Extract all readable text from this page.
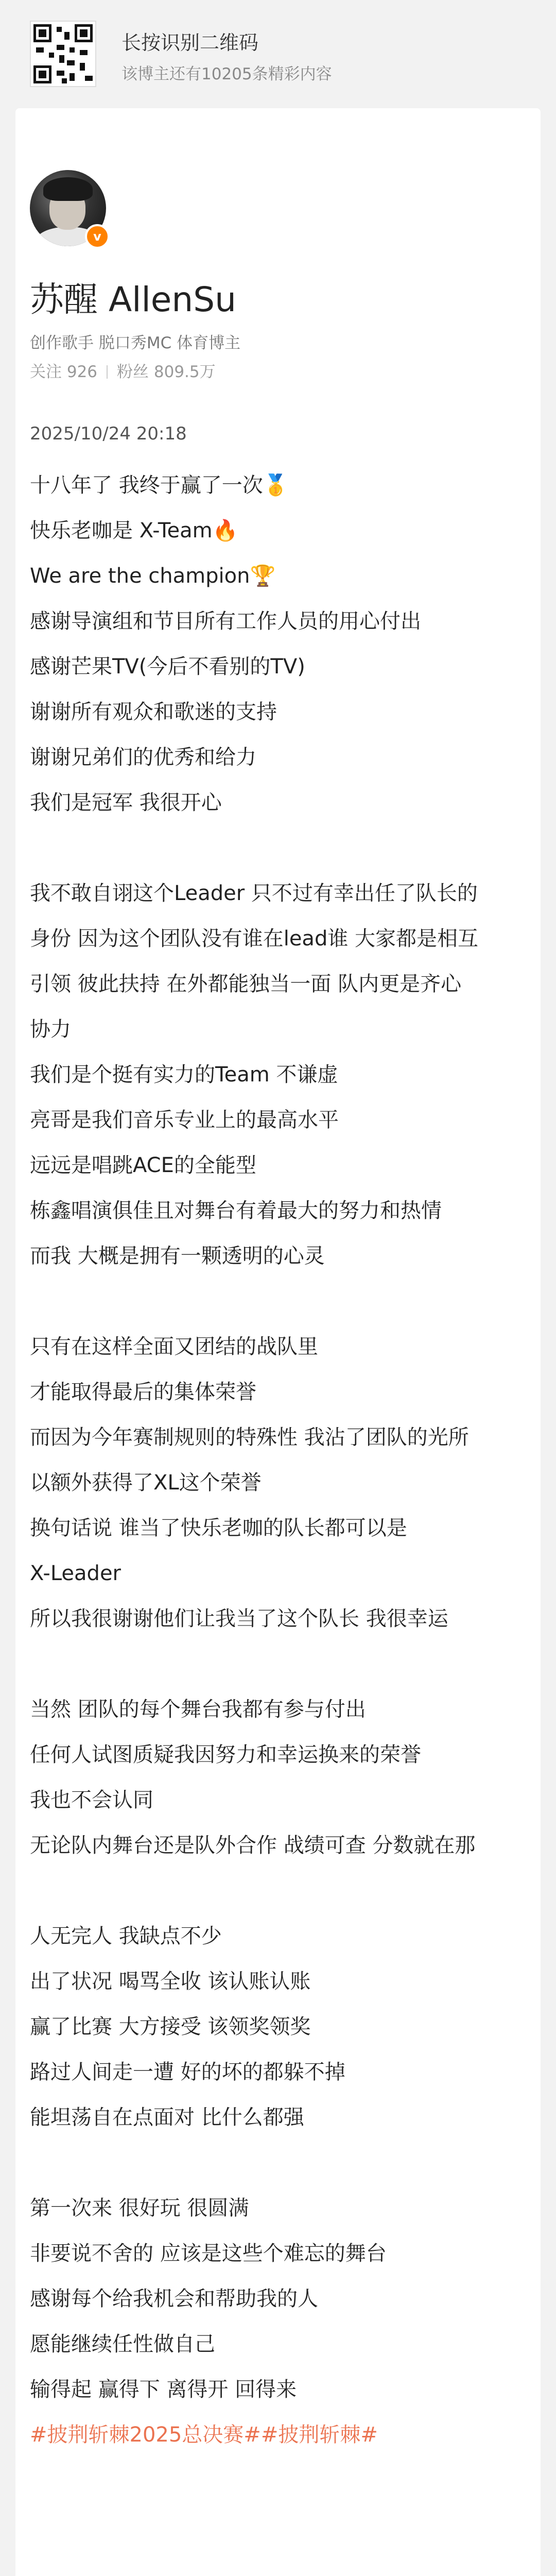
长按识别二维码
该博主还有10205条精彩内容
v
苏醒 AllenSu
创作歌手 脱口秀MC 体育博主
关注 926 粉丝 809.5万
2025/10/24 20:18
十八年了 我终于赢了一次🥇
快乐老咖是 X-Team🔥
We are the champion🏆
感谢导演组和节目所有工作人员的用心付出
感谢芒果TV(今后不看别的TV)
谢谢所有观众和歌迷的支持
谢谢兄弟们的优秀和给力
我们是冠军 我很开心
我不敢自诩这个Leader 只不过有幸出任了队长的
身份 因为这个团队没有谁在lead谁 大家都是相互
引领 彼此扶持 在外都能独当一面 队内更是齐心
协力
我们是个挺有实力的Team 不谦虚
亮哥是我们音乐专业上的最高水平
远远是唱跳ACE的全能型
栋鑫唱演俱佳且对舞台有着最大的努力和热情
而我 大概是拥有一颗透明的心灵
只有在这样全面又团结的战队里
才能取得最后的集体荣誉
而因为今年赛制规则的特殊性 我沾了团队的光所
以额外获得了XL这个荣誉
换句话说 谁当了快乐老咖的队长都可以是
X-Leader
所以我很谢谢他们让我当了这个队长 我很幸运
当然 团队的每个舞台我都有参与付出
任何人试图质疑我因努力和幸运换来的荣誉
我也不会认同
无论队内舞台还是队外合作 战绩可查 分数就在那
人无完人 我缺点不少
出了状况 喝骂全收 该认账认账
赢了比赛 大方接受 该领奖领奖
路过人间走一遭 好的坏的都躲不掉
能坦荡自在点面对 比什么都强
第一次来 很好玩 很圆满
非要说不舍的 应该是这些个难忘的舞台
感谢每个给我机会和帮助我的人
愿能继续任性做自己
输得起 赢得下 离得开 回得来
#披荆斩棘2025总决赛##披荆斩棘#
